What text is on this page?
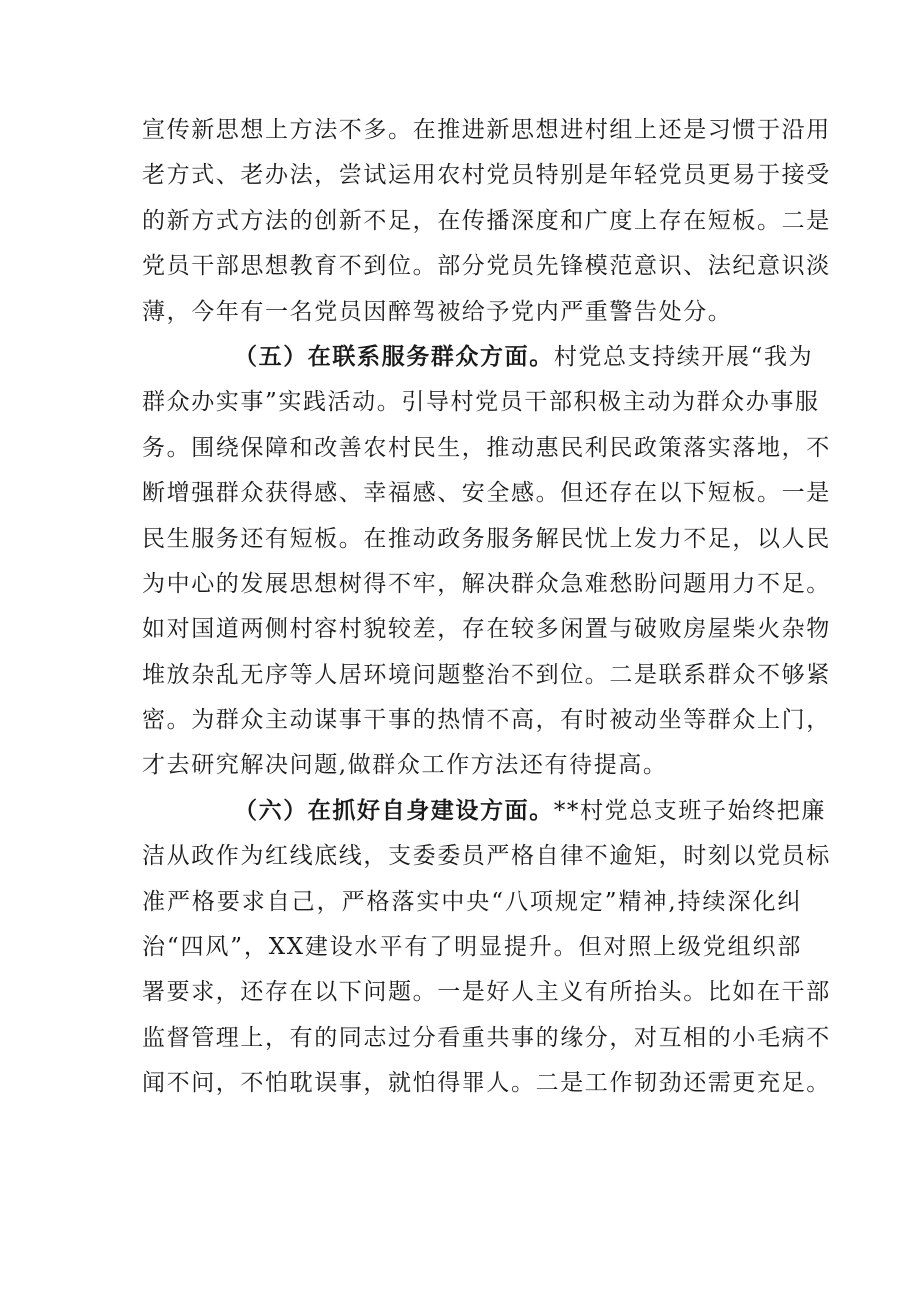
宣传新思想上方法不多。在推进新思想进村组上还是习惯于沿用
老方式、老办法，尝试运用农村党员特别是年轻党员更易于接受
的新方式方法的创新不足，在传播深度和广度上存在短板。二是
党员干部思想教育不到位。部分党员先锋模范意识、法纪意识淡
薄，今年有一名党员因醉驾被给予党内严重警告处分。
（五）在联系服务群众方面。村党总支持续开展“我为
群众办实事”实践活动。引导村党员干部积极主动为群众办事服
务。围绕保障和改善农村民生，推动惠民利民政策落实落地，不
断增强群众获得感、幸福感、安全感。但还存在以下短板。一是
民生服务还有短板。在推动政务服务解民忧上发力不足，以人民
为中心的发展思想树得不牢，解决群众急难愁盼问题用力不足。
如对国道两侧村容村貌较差，存在较多闲置与破败房屋柴火杂物
堆放杂乱无序等人居环境问题整治不到位。二是联系群众不够紧
密。为群众主动谋事干事的热情不高，有时被动坐等群众上门，
才去研究解决问题,做群众工作方法还有待提高。
（六）在抓好自身建设方面。**村党总支班子始终把廉
洁从政作为红线底线，支委委员严格自律不逾矩，时刻以党员标
准严格要求自己，严格落实中央“八项规定”精神,持续深化纠
治“四风”，XX建设水平有了明显提升。但对照上级党组织部
署要求，还存在以下问题。一是好人主义有所抬头。比如在干部
监督管理上，有的同志过分看重共事的缘分，对互相的小毛病不
闻不问，不怕耽误事，就怕得罪人。二是工作韧劲还需更充足。
